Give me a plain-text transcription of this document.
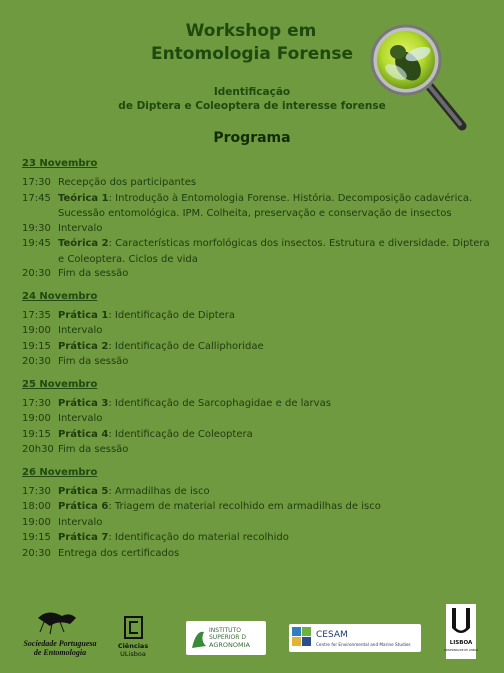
Workshop em
Entomologia Forense
Identificação
de Diptera e Coleoptera de interesse forense
Programa
23 Novembro
17:30 Recepção dos participantes
17:45 Teórica 1: Introdução à Entomologia Forense. História. Decomposição cadavérica.
Sucessão entomológica. IPM. Colheita, preservação e conservação de insectos
19:30 Intervalo
19:45 Teórica 2: Características morfológicas dos insectos. Estrutura e diversidade. Diptera
e Coleoptera. Ciclos de vida
20:30 Fim da sessão
24 Novembro
17:35 Prática 1: Identificação de Diptera
19:00 Intervalo
19:15 Prática 2: Identificação de Calliphoridae
20:30 Fim da sessão
25 Novembro
17:30 Prática 3: Identificação de Sarcophagidae e de larvas
19:00 Intervalo
19:15 Prática 4: Identificação de Coleoptera
20h30 Fim da sessão
26 Novembro
17:30 Prática 5: Armadilhas de isco
18:00 Prática 6: Triagem de material recolhido em armadilhas de isco
19:00 Intervalo
19:15 Prática 7: Identificação do material recolhido
20:30 Entrega dos certificados
Sociedade Portuguesa
de Entomologia
Ciências
ULisboa
INSTITUTO
SUPERIOR D
AGRONOMIA
CESAM
Centre for Environmental and Marine Studies	LISBOA
UNIVERSIDADE DE LISBOA
